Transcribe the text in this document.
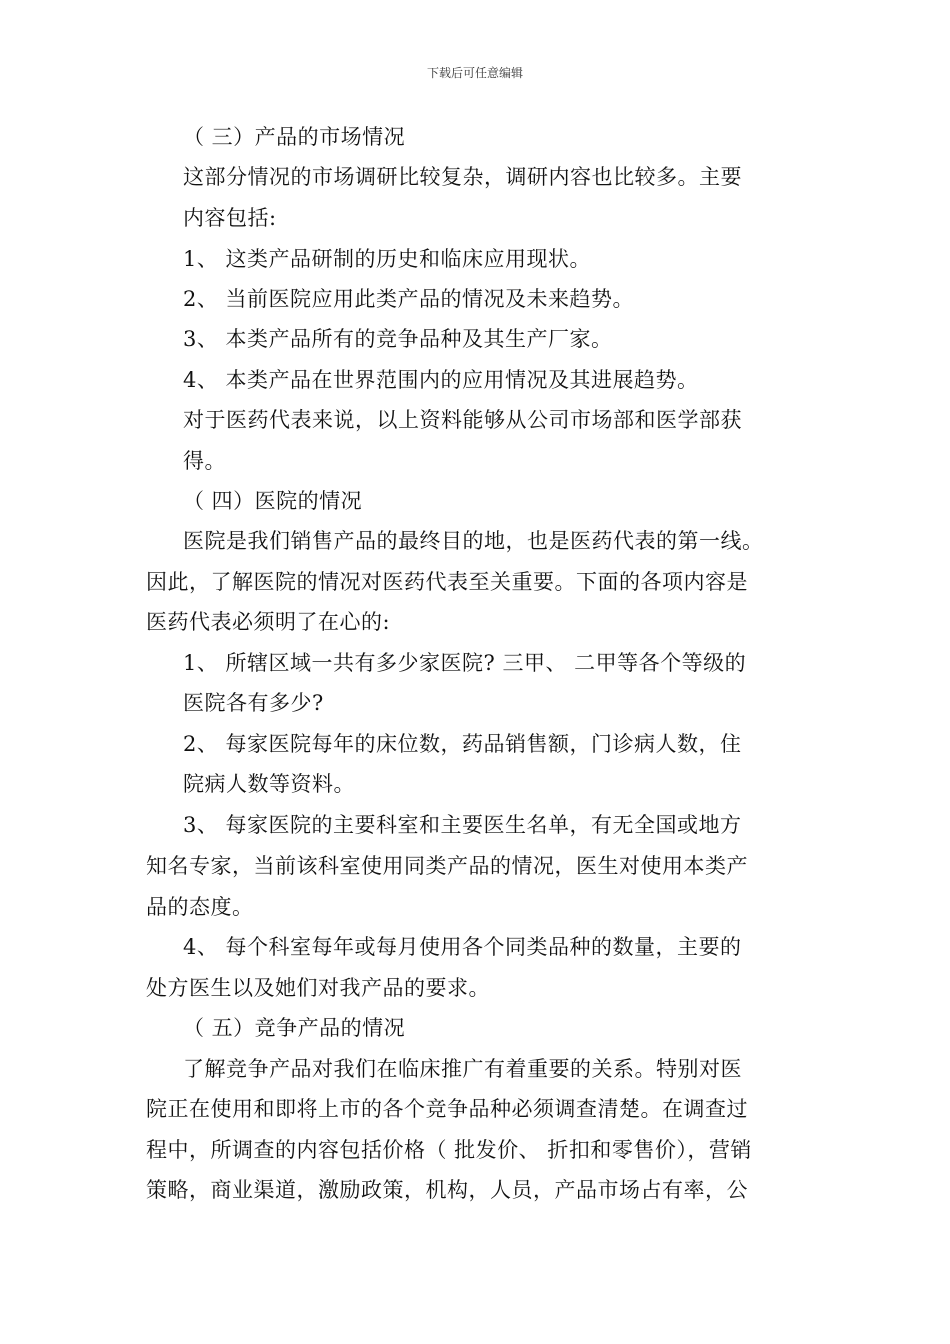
下载后可任意编辑
（ 三）产品的市场情况
这部分情况的市场调研比较复杂，调研内容也比较多。主要
内容包括:
1、 这类产品研制的历史和临床应用现状。
2、 当前医院应用此类产品的情况及未来趋势。
3、 本类产品所有的竞争品种及其生产厂家。
4、 本类产品在世界范围内的应用情况及其进展趋势。
对于医药代表来说，以上资料能够从公司市场部和医学部获
得。
（ 四）医院的情况
医院是我们销售产品的最终目的地，也是医药代表的第一线。
因此，了解医院的情况对医药代表至关重要。下面的各项内容是
医药代表必须明了在心的:
1、 所辖区域一共有多少家医院? 三甲、 二甲等各个等级的
医院各有多少?
2、 每家医院每年的床位数，药品销售额，门诊病人数，住
院病人数等资料。
3、 每家医院的主要科室和主要医生名单，有无全国或地方
知名专家，当前该科室使用同类产品的情况，医生对使用本类产
品的态度。
4、 每个科室每年或每月使用各个同类品种的数量，主要的
处方医生以及她们对我产品的要求。
（ 五）竞争产品的情况
了解竞争产品对我们在临床推广有着重要的关系。特别对医
院正在使用和即将上市的各个竞争品种必须调查清楚。在调查过
程中，所调查的内容包括价格（ 批发价、 折扣和零售价），营销
策略，商业渠道，激励政策，机构，人员，产品市场占有率，公
